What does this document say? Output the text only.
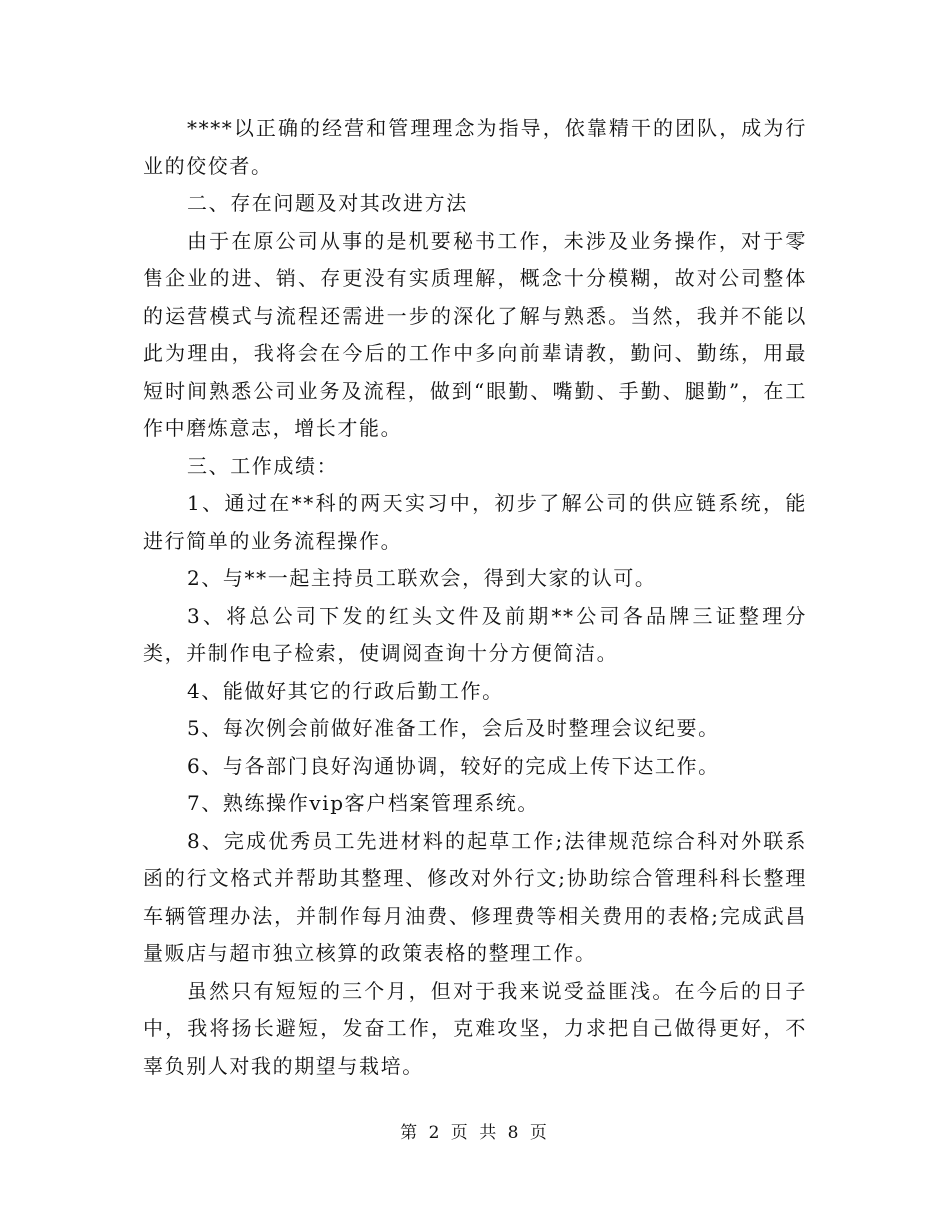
****以正确的经营和管理理念为指导，依靠精干的团队，成为行业的佼佼者。

二、存在问题及对其改进方法

由于在原公司从事的是机要秘书工作，未涉及业务操作，对于零售企业的进、销、存更没有实质理解，概念十分模糊，故对公司整体的运营模式与流程还需进一步的深化了解与熟悉。当然，我并不能以此为理由，我将会在今后的工作中多向前辈请教，勤问、勤练，用最短时间熟悉公司业务及流程，做到“眼勤、嘴勤、手勤、腿勤”，在工作中磨炼意志，增长才能。

三、工作成绩：

1、通过在**科的两天实习中，初步了解公司的供应链系统，能进行简单的业务流程操作。

2、与**一起主持员工联欢会，得到大家的认可。

3、将总公司下发的红头文件及前期**公司各品牌三证整理分类，并制作电子检索，使调阅查询十分方便简洁。

4、能做好其它的行政后勤工作。

5、每次例会前做好准备工作，会后及时整理会议纪要。

6、与各部门良好沟通协调，较好的完成上传下达工作。

7、熟练操作vip客户档案管理系统。

8、完成优秀员工先进材料的起草工作;法律规范综合科对外联系函的行文格式并帮助其整理、修改对外行文;协助综合管理科科长整理车辆管理办法，并制作每月油费、修理费等相关费用的表格;完成武昌量贩店与超市独立核算的政策表格的整理工作。

虽然只有短短的三个月，但对于我来说受益匪浅。在今后的日子中，我将扬长避短，发奋工作，克难攻坚，力求把自己做得更好，不辜负别人对我的期望与栽培。

第 2 页 共 8 页
